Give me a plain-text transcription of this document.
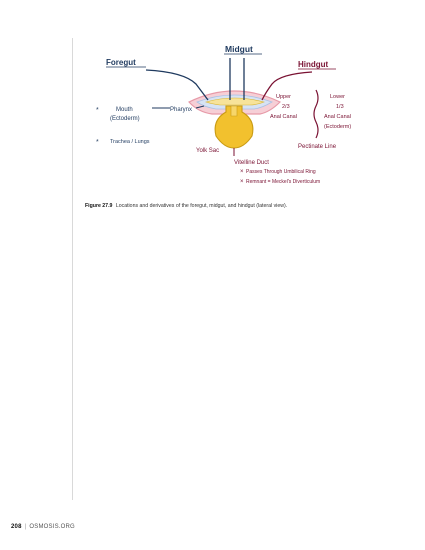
Midgut
Foregut	Hindgut
*	Mouth
(Ectoderm)
Pharynx
* Trachea / Lungs
Upper
2/3
Anal Canal
Lower
1/3
Anal Canal
(Ectoderm)
Pectinate Line
Yolk Sac
Vitelline Duct
× Passes Through Umbilical Ring
× Remnant = Meckel's Diverticulum
Figure 27.9 Locations and derivatives of the foregut, midgut, and hindgut (lateral view).
208 | OSMOSIS.ORG
